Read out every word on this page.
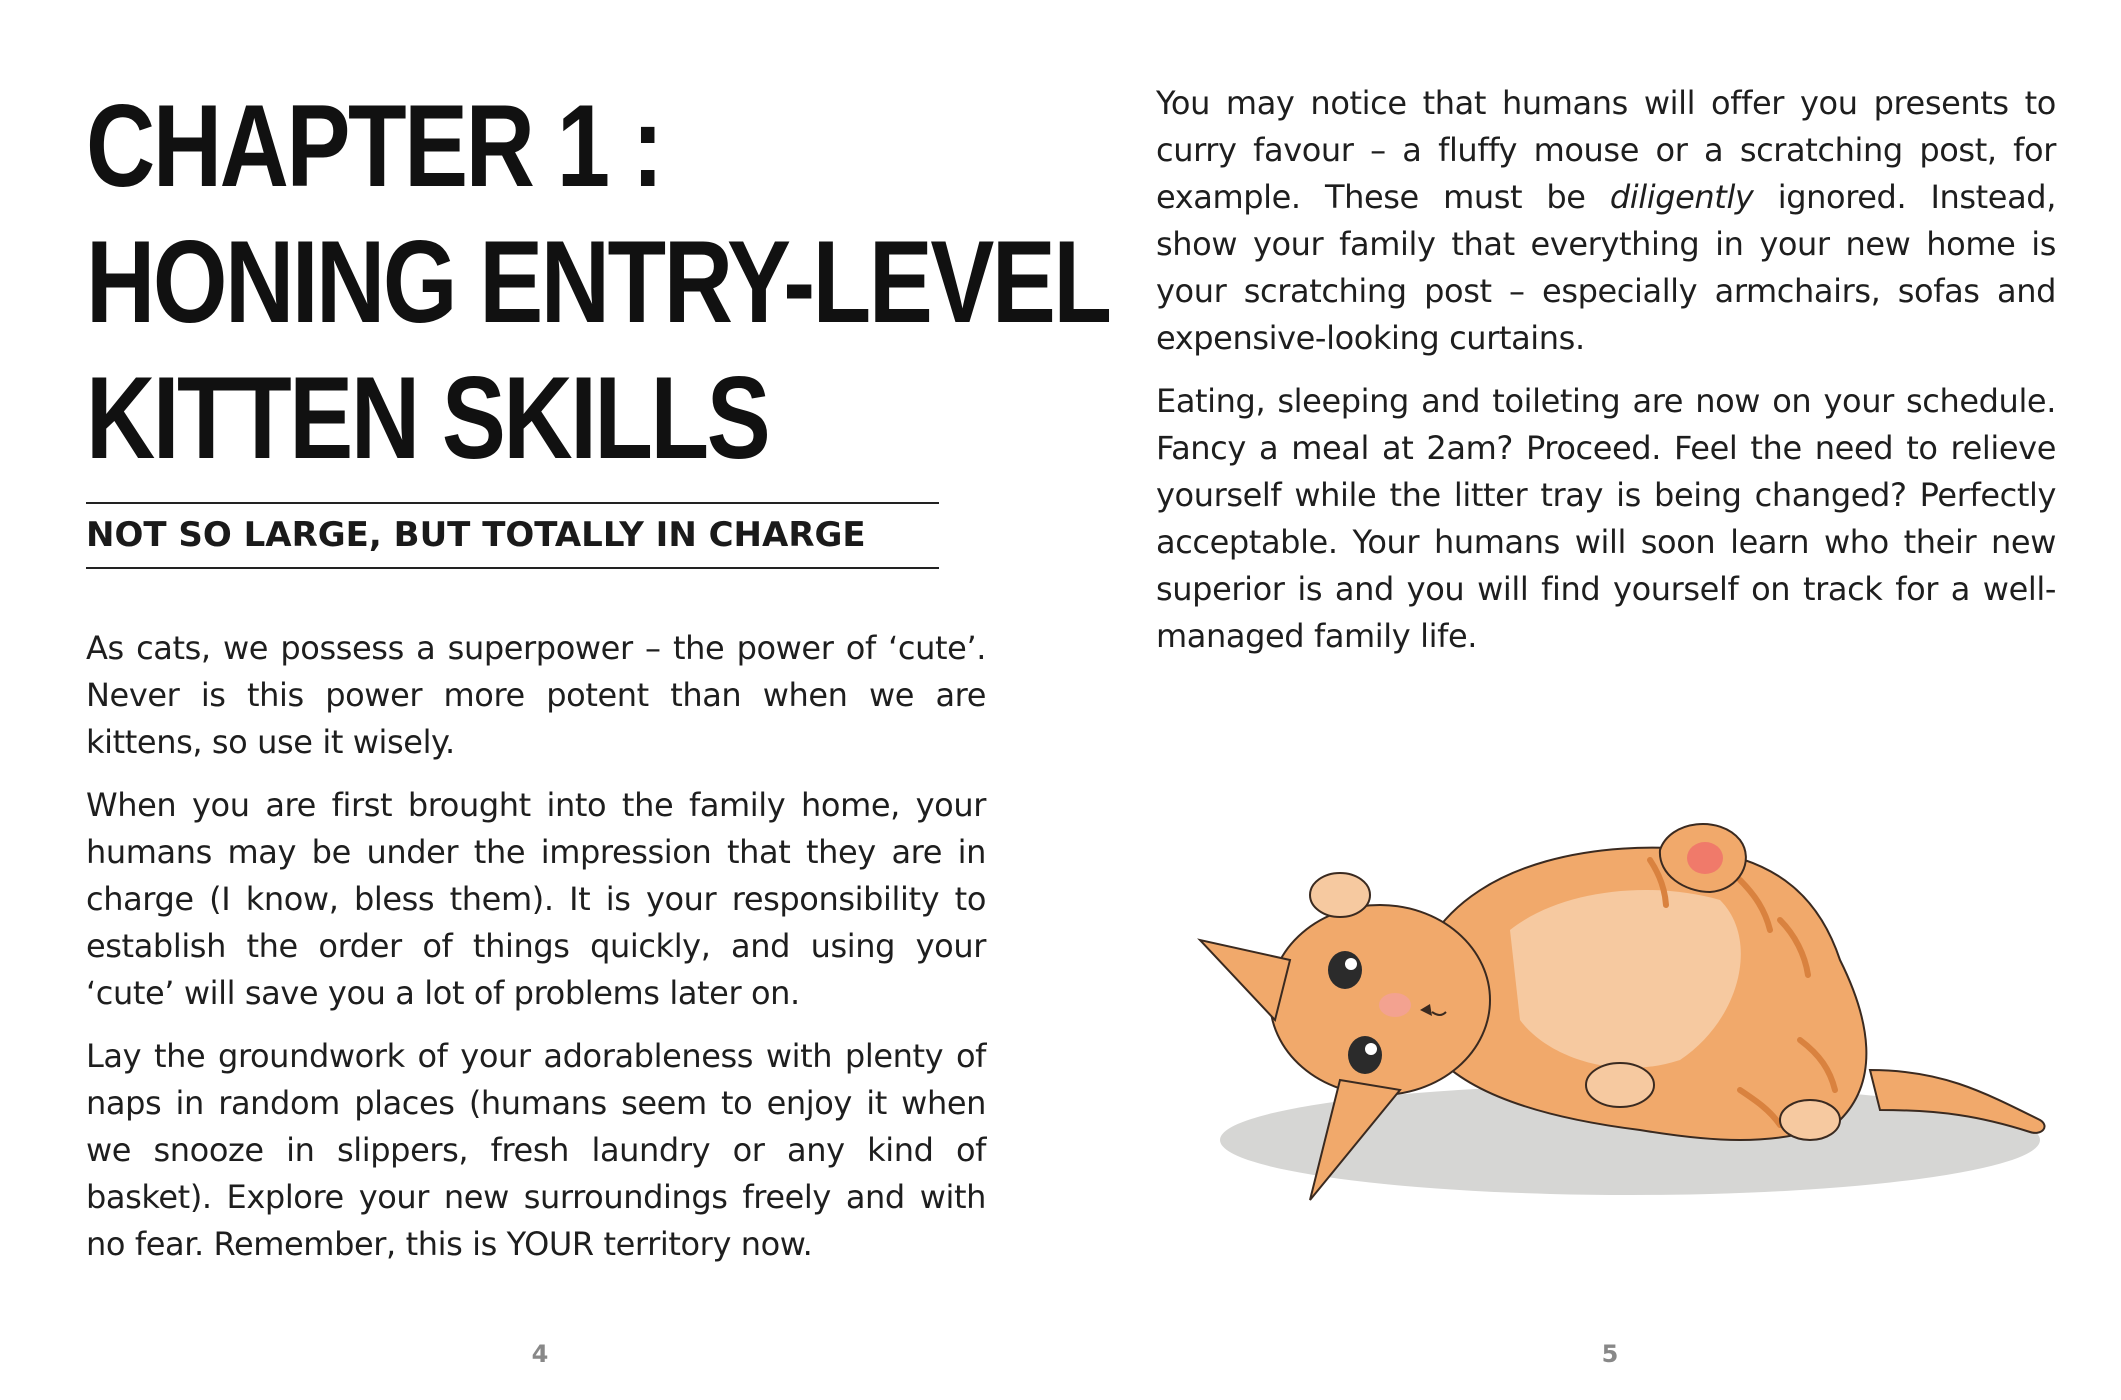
CHAPTER 1 :
HONING ENTRY-LEVEL
KITTEN SKILLS
NOT SO LARGE, BUT TOTALLY IN CHARGE

As cats, we possess a superpower – the power of ‘cute’. Never is this power more potent than when we are kittens, so use it wisely.

When you are first brought into the family home, your humans may be under the impression that they are in charge (I know, bless them). It is your responsibility to establish the order of things quickly, and using your ‘cute’ will save you a lot of problems later on.

Lay the groundwork of your adorableness with plenty of naps in random places (humans seem to enjoy it when we snooze in slippers, fresh laundry or any kind of basket). Explore your new surroundings freely and with no fear. Remember, this is YOUR territory now.

4

You may notice that humans will offer you presents to curry favour – a fluffy mouse or a scratching post, for example. These must be diligently ignored. Instead, show your family that everything in your new home is your scratching post – especially armchairs, sofas and expensive-looking curtains.

Eating, sleeping and toileting are now on your schedule. Fancy a meal at 2am? Proceed. Feel the need to relieve yourself while the litter tray is being changed? Perfectly acceptable. Your humans will soon learn who their new superior is and you will find yourself on track for a well-managed family life.

5
